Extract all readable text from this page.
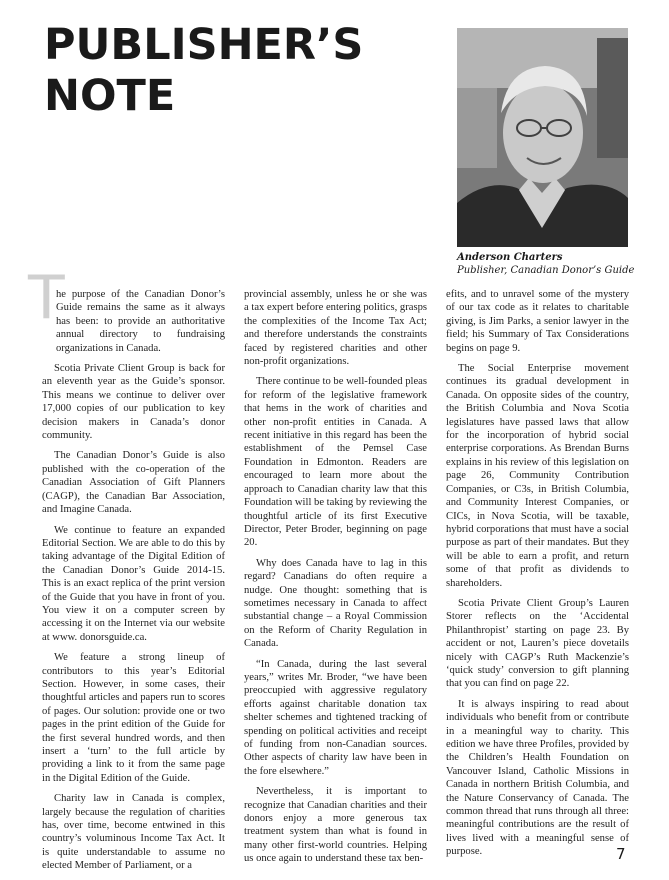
PUBLISHER’S
NOTE
Anderson Charters
Publisher, Canadian Donor’s Guide
T

he purpose of the Canadian Donor’s Guide remains the same as it always has been: to provide an authoritative annual directory to fundraising organizations in Canada.

Scotia Private Client Group is back for an eleventh year as the Guide’s sponsor. This means we continue to deliver over 17,000 copies of our publication to key decision makers in Canada’s donor community.

The Canadian Donor’s Guide is also published with the co-operation of the Canadian Association of Gift Planners (CAGP), the Canadian Bar Association, and Imagine Canada.

We continue to feature an expanded Editorial Section. We are able to do this by taking advantage of the Digital Edition of the Canadian Donor’s Guide 2014-15. This is an exact replica of the print version of the Guide that you have in front of you. You view it on a computer screen by accessing it on the Internet via our website at www. donorsguide.ca.

We feature a strong lineup of contributors to this year’s Editorial Section. However, in some cases, their thoughtful articles and papers run to scores of pages. Our solution: provide one or two pages in the print edition of the Guide for the first several hundred words, and then insert a ‘turn’ to the full article by providing a link to it from the same page in the Digital Edition of the Guide.

Charity law in Canada is complex, largely because the regulation of charities has, over time, become entwined in this country’s voluminous Income Tax Act. It is quite understandable to assume no elected Member of Parliament, or a

provincial assembly, unless he or she was a tax expert before entering politics, grasps the complexities of the Income Tax Act; and therefore understands the constraints faced by registered charities and other non-profit organizations.

There continue to be well-founded pleas for reform of the legislative framework that hems in the work of charities and other non-profit entities in Canada. A recent initiative in this regard has been the establishment of the Pemsel Case Foundation in Edmonton. Readers are encouraged to learn more about the approach to Canadian charity law that this Foundation will be taking by reviewing the thoughtful article of its first Executive Director, Peter Broder, beginning on page 20.

Why does Canada have to lag in this regard? Canadians do often require a nudge. One thought: something that is sometimes necessary in Canada to affect substantial change – a Royal Commission on the Reform of Charity Regulation in Canada.

“In Canada, during the last several years,” writes Mr. Broder, “we have been preoccupied with aggressive regulatory efforts against charitable donation tax shelter schemes and tightened tracking of spending on political activities and receipt of funding from non-Canadian sources. Other aspects of charity law have been in the fore elsewhere.”

Nevertheless, it is important to recognize that Canadian charities and their donors enjoy a more generous tax treatment system than what is found in many other first-world countries. Helping us once again to understand these tax ben-

efits, and to unravel some of the mystery of our tax code as it relates to charitable giving, is Jim Parks, a senior lawyer in the field; his Summary of Tax Considerations begins on page 9.

The Social Enterprise movement continues its gradual development in Canada. On opposite sides of the country, the British Columbia and Nova Scotia legislatures have passed laws that allow for the incorporation of hybrid social enterprise corporations. As Brendan Burns explains in his review of this legislation on page 26, Community Contribution Companies, or C3s, in British Columbia, and Community Interest Companies, or CICs, in Nova Scotia, will be taxable, hybrid corporations that must have a social purpose as part of their mandates. But they will be able to earn a profit, and return some of that profit as dividends to shareholders.

Scotia Private Client Group’s Lauren Storer reflects on the ‘Accidental Philanthropist’ starting on page 23. By accident or not, Lauren’s piece dovetails nicely with CAGP’s Ruth Mackenzie’s ‘quick study’ conversion to gift planning that you can find on page 22.

It is always inspiring to read about individuals who benefit from or contribute in a meaningful way to charity. This edition we have three Profiles, provided by the Children’s Health Foundation on Vancouver Island, Catholic Missions in Canada in northern British Columbia, and the Nature Conservancy of Canada. The common thread that runs through all three: meaningful contributions are the result of lives lived with a meaningful sense of purpose.	7
